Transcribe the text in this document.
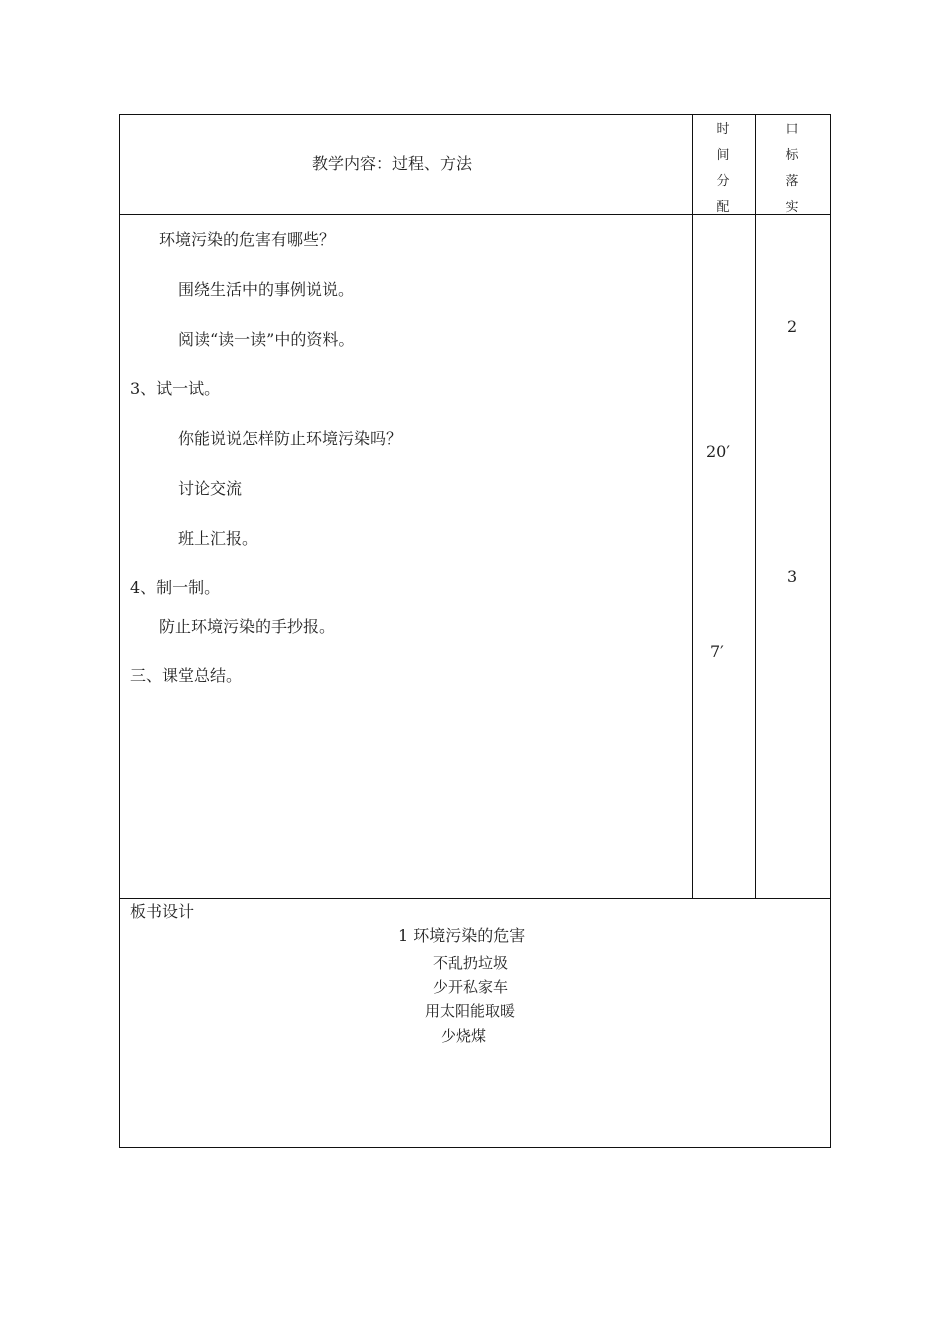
教学内容：过程、方法
时
间
分
配
口
标
落
实
环境污染的危害有哪些？
围绕生活中的事例说说。
阅读“读一读”中的资料。
3、试一试。
你能说说怎样防止环境污染吗？
讨论交流
班上汇报。
4、制一制。
防止环境污染的手抄报。
三、课堂总结。
20′
7′
2
3
板书设计
1 环境污染的危害
不乱扔垃圾
少开私家车
用太阳能取暖
少烧煤
